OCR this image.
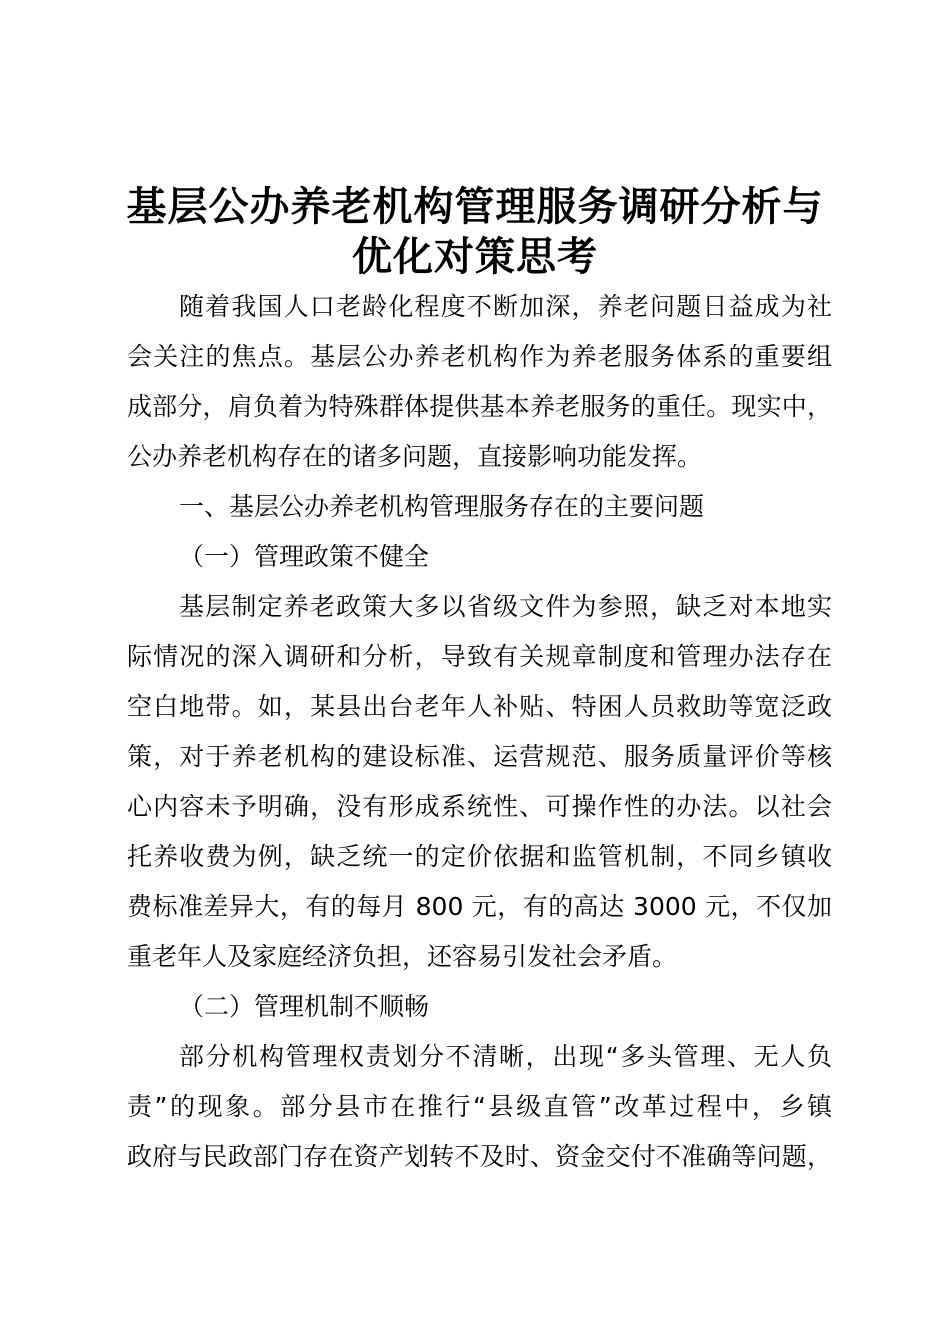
基层公办养老机构管理服务调研分析与
优化对策思考
随着我国人口老龄化程度不断加深，养老问题日益成为社
会关注的焦点。基层公办养老机构作为养老服务体系的重要组
成部分，肩负着为特殊群体提供基本养老服务的重任。现实中，
公办养老机构存在的诸多问题，直接影响功能发挥。
一、基层公办养老机构管理服务存在的主要问题
（一）管理政策不健全
基层制定养老政策大多以省级文件为参照，缺乏对本地实
际情况的深入调研和分析，导致有关规章制度和管理办法存在
空白地带。如，某县出台老年人补贴、特困人员救助等宽泛政
策，对于养老机构的建设标准、运营规范、服务质量评价等核
心内容未予明确，没有形成系统性、可操作性的办法。以社会
托养收费为例，缺乏统一的定价依据和监管机制，不同乡镇收
费标准差异大，有的每月 800 元，有的高达 3000 元，不仅加
重老年人及家庭经济负担，还容易引发社会矛盾。
（二）管理机制不顺畅
部分机构管理权责划分不清晰，出现“多头管理、无人负
责”的现象。部分县市在推行“县级直管”改革过程中，乡镇
政府与民政部门存在资产划转不及时、资金交付不准确等问题，
